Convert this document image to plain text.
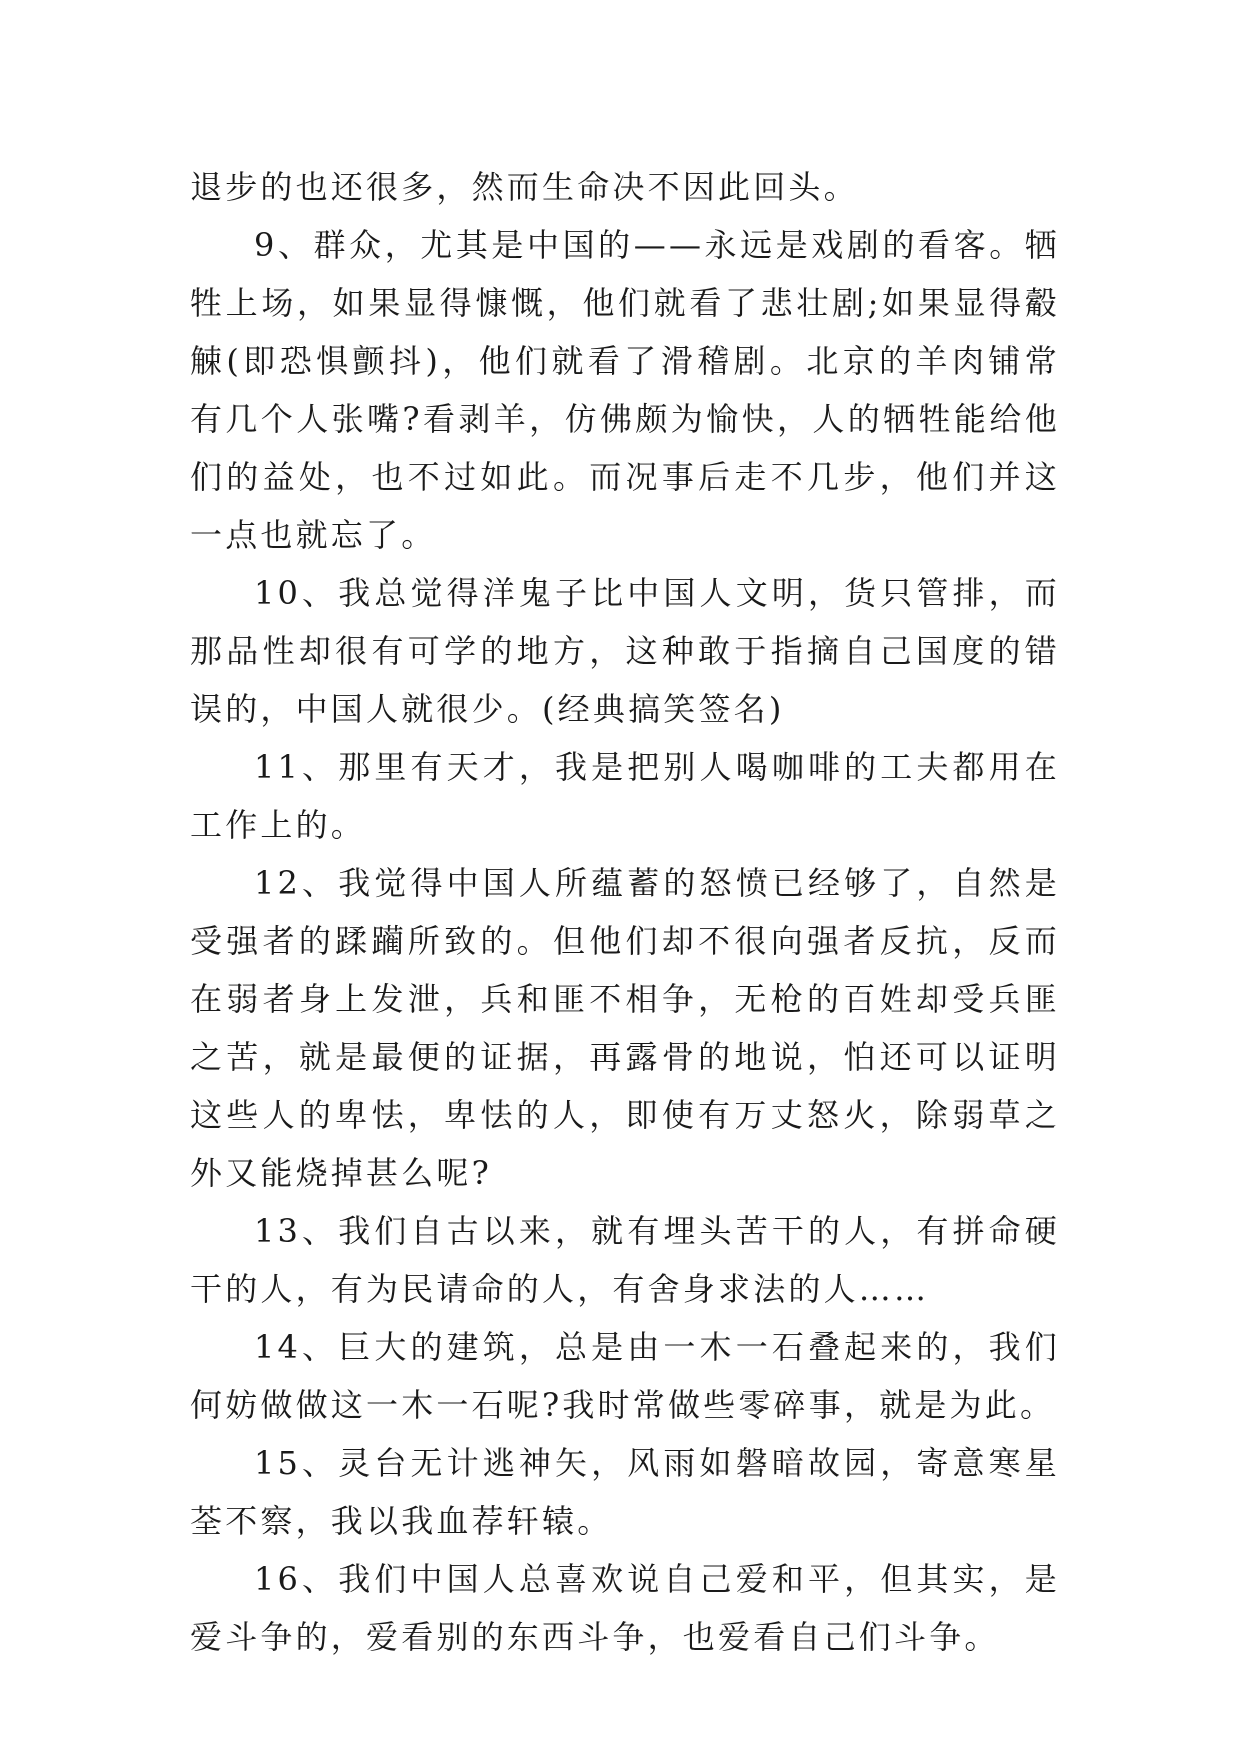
退步的也还很多，然而生命决不因此回头。

9、群众，尤其是中国的——永远是戏剧的看客。牺牲上场，如果显得慷慨，他们就看了悲壮剧;如果显得觳觫(即恐惧颤抖)，他们就看了滑稽剧。北京的羊肉铺常有几个人张嘴?看剥羊，仿佛颇为愉快，人的牺牲能给他们的益处，也不过如此。而况事后走不几步，他们并这一点也就忘了。

10、我总觉得洋鬼子比中国人文明，货只管排，而那品性却很有可学的地方，这种敢于指摘自己国度的错误的，中国人就很少。(经典搞笑签名)

11、那里有天才，我是把别人喝咖啡的工夫都用在工作上的。

12、我觉得中国人所蕴蓄的怒愤已经够了，自然是受强者的蹂躏所致的。但他们却不很向强者反抗，反而在弱者身上发泄，兵和匪不相争，无枪的百姓却受兵匪之苦，就是最便的证据，再露骨的地说，怕还可以证明这些人的卑怯，卑怯的人，即使有万丈怒火，除弱草之外又能烧掉甚么呢?

13、我们自古以来，就有埋头苦干的人，有拼命硬干的人，有为民请命的人，有舍身求法的人……

14、巨大的建筑，总是由一木一石叠起来的，我们何妨做做这一木一石呢?我时常做些零碎事，就是为此。

15、灵台无计逃神矢，风雨如磐暗故园，寄意寒星荃不察，我以我血荐轩辕。

16、我们中国人总喜欢说自己爱和平，但其实，是爱斗争的，爱看别的东西斗争，也爱看自己们斗争。
